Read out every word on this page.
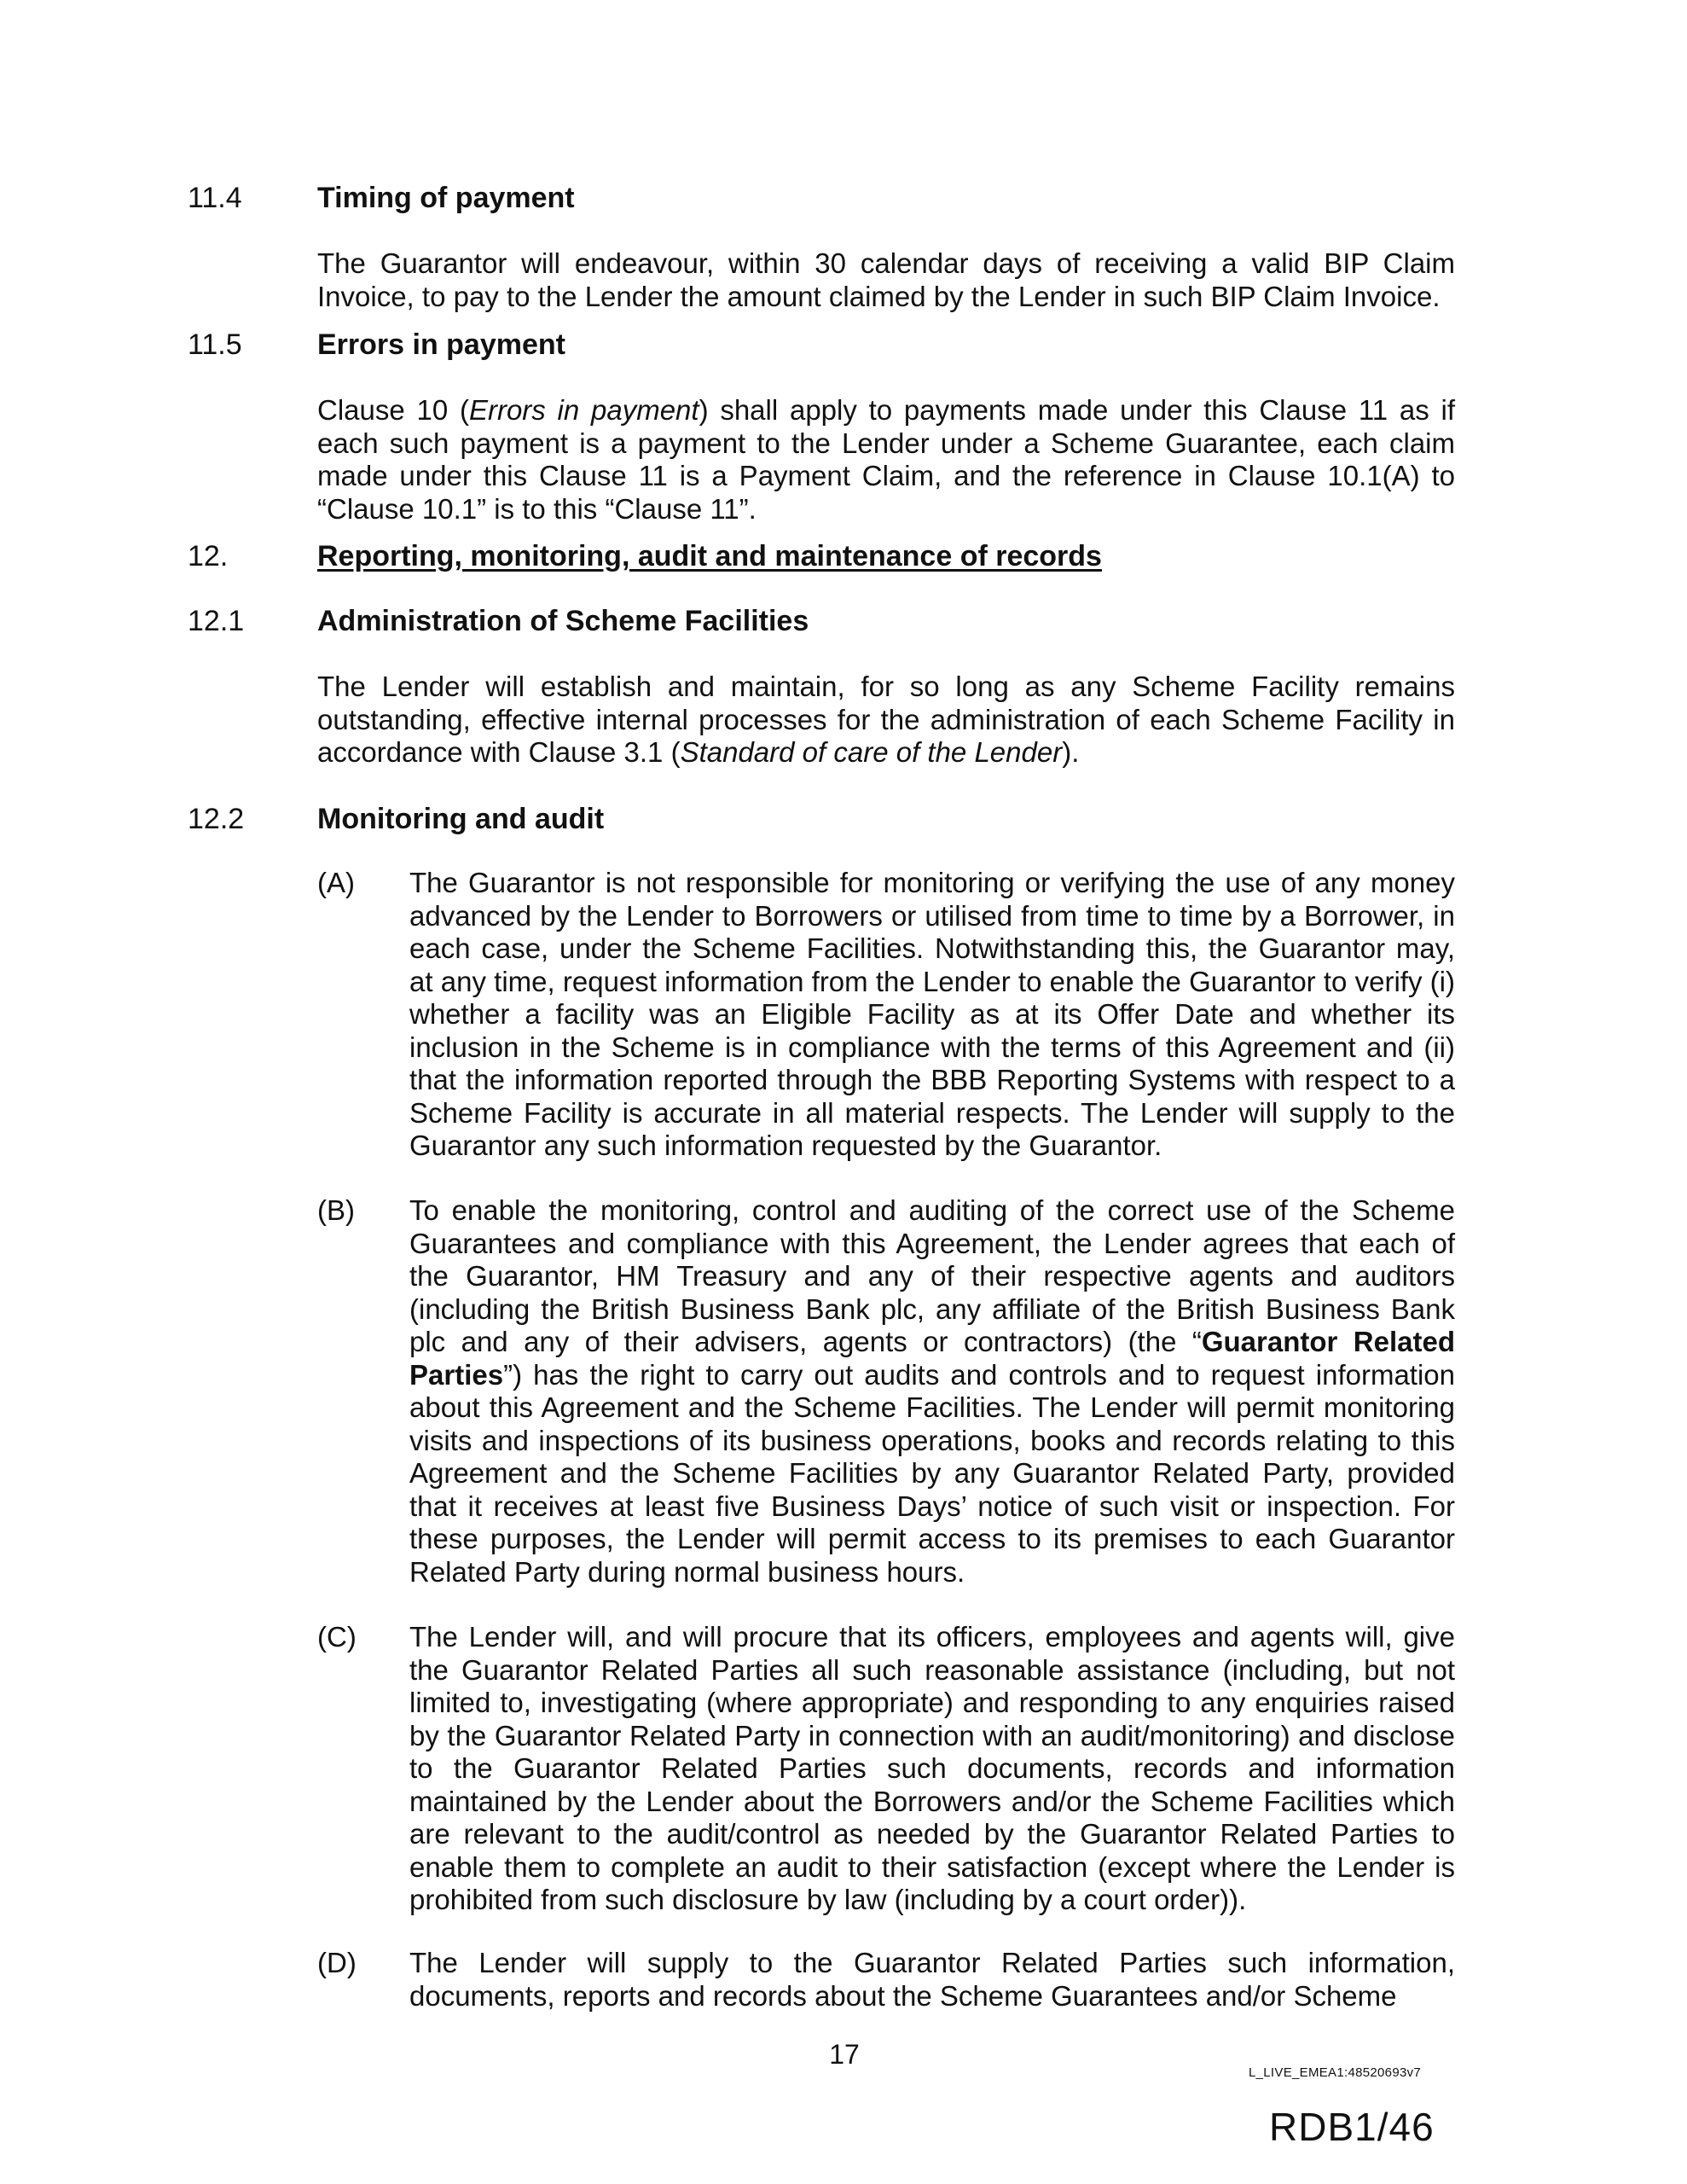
11.4	Timing of payment

The Guarantor will endeavour, within 30 calendar days of receiving a valid BIP Claim Invoice, to pay to the Lender the amount claimed by the Lender in such BIP Claim Invoice.

11.5	Errors in payment

Clause 10 (Errors in payment) shall apply to payments made under this Clause 11 as if each such payment is a payment to the Lender under a Scheme Guarantee, each claim made under this Clause 11 is a Payment Claim, and the reference in Clause 10.1(A) to “Clause 10.1” is to this “Clause 11”.

12.	Reporting, monitoring, audit and maintenance of records
12.1	Administration of Scheme Facilities

The Lender will establish and maintain, for so long as any Scheme Facility remains outstanding, effective internal processes for the administration of each Scheme Facility in accordance with Clause 3.1 (Standard of care of the Lender).

12.2	Monitoring and audit
(A) The Guarantor is not responsible for monitoring or verifying the use of any money advanced by the Lender to Borrowers or utilised from time to time by a Borrower, in each case, under the Scheme Facilities. Notwithstanding this, the Guarantor may, at any time, request information from the Lender to enable the Guarantor to verify (i) whether a facility was an Eligible Facility as at its Offer Date and whether its inclusion in the Scheme is in compliance with the terms of this Agreement and (ii) that the information reported through the BBB Reporting Systems with respect to a Scheme Facility is accurate in all material respects. The Lender will supply to the Guarantor any such information requested by the Guarantor.

(B) To enable the monitoring, control and auditing of the correct use of the Scheme Guarantees and compliance with this Agreement, the Lender agrees that each of the Guarantor, HM Treasury and any of their respective agents and auditors (including the British Business Bank plc, any affiliate of the British Business Bank plc and any of their advisers, agents or contractors) (the “Guarantor Related Parties”) has the right to carry out audits and controls and to request information about this Agreement and the Scheme Facilities. The Lender will permit monitoring visits and inspections of its business operations, books and records relating to this Agreement and the Scheme Facilities by any Guarantor Related Party, provided that it receives at least five Business Days’ notice of such visit or inspection. For these purposes, the Lender will permit access to its premises to each Guarantor Related Party during normal business hours.

(C) The Lender will, and will procure that its officers, employees and agents will, give the Guarantor Related Parties all such reasonable assistance (including, but not limited to, investigating (where appropriate) and responding to any enquiries raised by the Guarantor Related Party in connection with an audit/monitoring) and disclose to the Guarantor Related Parties such documents, records and information maintained by the Lender about the Borrowers and/or the Scheme Facilities which are relevant to the audit/control as needed by the Guarantor Related Parties to enable them to complete an audit to their satisfaction (except where the Lender is prohibited from such disclosure by law (including by a court order)).

(D) The Lender will supply to the Guarantor Related Parties such information, documents, reports and records about the Scheme Guarantees and/or Scheme

17
L_LIVE_EMEA1:48520693v7
RDB1/46
